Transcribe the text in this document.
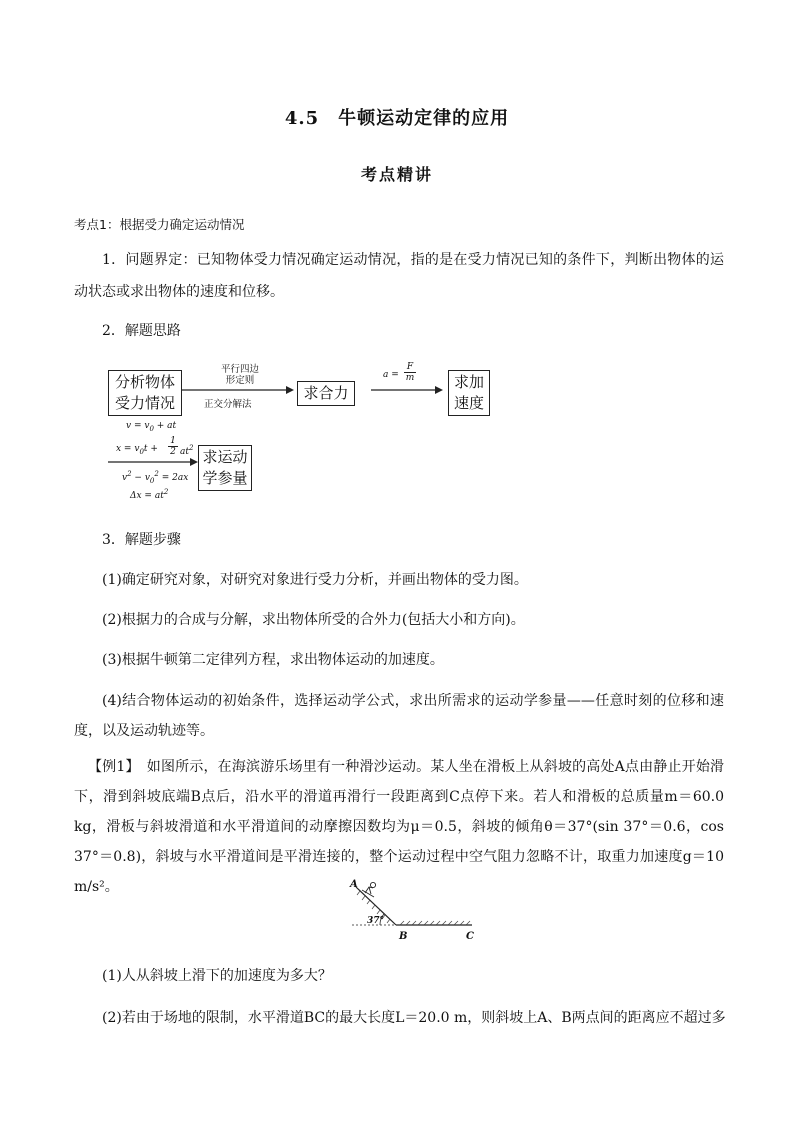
4.5　牛顿运动定律的应用
考点精讲
考点1：根据受力确定运动情况
1．问题界定：已知物体受力情况确定运动情况，指的是在受力情况已知的条件下，判断出物体的运动状态或求出物体的速度和位移。
2．解题思路
分析物体
受力情况
平行四边
形定则
正交分解法
求合力
a =
F
m	求加
速度
$v = v_0$ + at
$x = v_0t$ +
1
2 $at^2$
$v^2 - v_0^2 = 2ax$
$\Delta x = at^2$
求运动
学参量
3．解题步骤
(1)确定研究对象，对研究对象进行受力分析，并画出物体的受力图。
(2)根据力的合成与分解，求出物体所受的合外力(包括大小和方向)。
(3)根据牛顿第二定律列方程，求出物体运动的加速度。
(4)结合物体运动的初始条件，选择运动学公式，求出所需求的运动学参量——任意时刻的位移和速度，以及运动轨迹等。
【例1】　如图所示，在海滨游乐场里有一种滑沙运动。某人坐在滑板上从斜坡的高处A点由静止开始滑下，滑到斜坡底端B点后，沿水平的滑道再滑行一段距离到C点停下来。若人和滑板的总质量m＝60.0 kg，滑板与斜坡滑道和水平滑道间的动摩擦因数均为μ＝0.5，斜坡的倾角θ＝37°(sin 37°＝0.6，cos 37°＝0.8)，斜坡与水平滑道间是平滑连接的，整个运动过程中空气阻力忽略不计，取重力加速度g＝10 m/s²。	A
B	C
37°
(1)人从斜坡上滑下的加速度为多大？
(2)若由于场地的限制，水平滑道BC的最大长度L＝20.0 m，则斜坡上A、B两点间的距离应不超过多
